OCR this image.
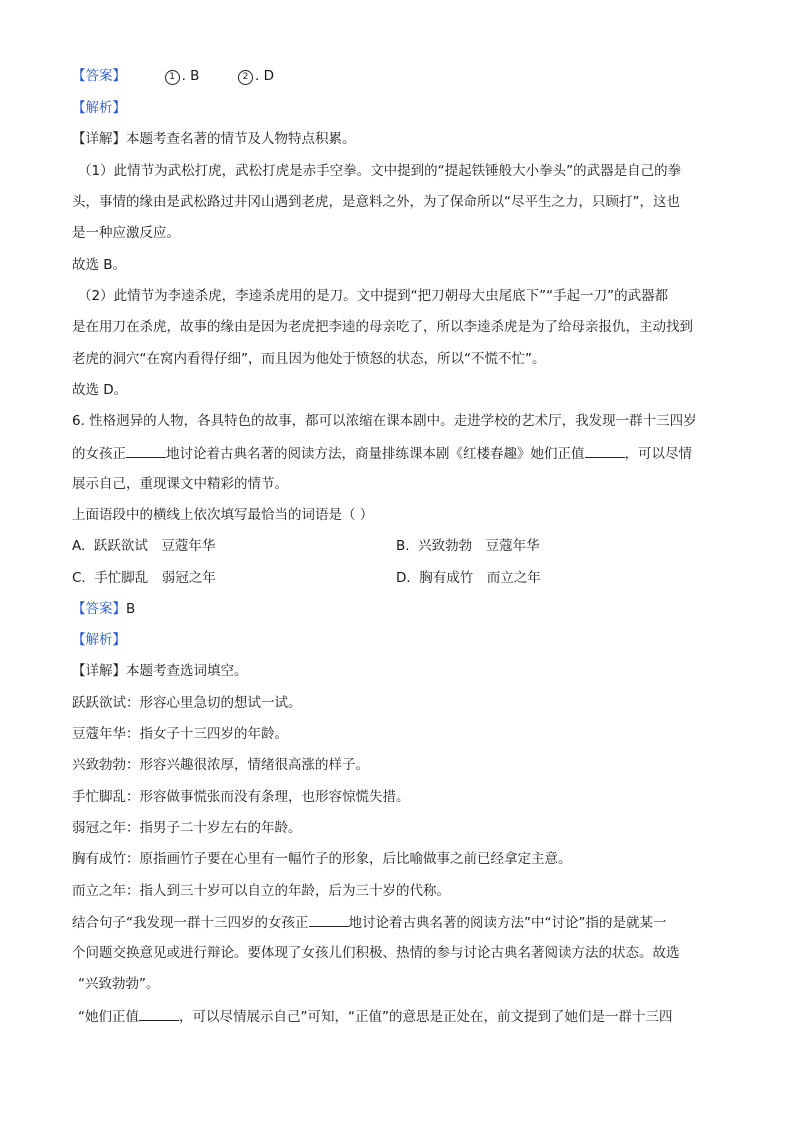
【答案】	1 . B	2 . D
【解析】
【详解】本题考查名著的情节及人物特点积累。
（1）此情节为武松打虎，武松打虎是赤手空拳。文中提到的“提起铁锤般大小拳头”的武器是自己的拳
头，事情的缘由是武松路过井冈山遇到老虎，是意料之外，为了保命所以“尽平生之力，只顾打”，这也
是一种应激反应。
故选 B。
（2）此情节为李逵杀虎，李逵杀虎用的是刀。文中提到“把刀朝母大虫尾底下”“手起一刀”的武器都
是在用刀在杀虎，故事的缘由是因为老虎把李逵的母亲吃了，所以李逵杀虎是为了给母亲报仇，主动找到
老虎的洞穴“在窝内看得仔细”，而且因为他处于愤怒的状态，所以“不慌不忙”。
故选 D。
6. 性格迥异的人物，各具特色的故事，都可以浓缩在课本剧中。走进学校的艺术厅，我发现一群十三四岁
的女孩正	地讨论着古典名著的阅读方法，商量排练课本剧《红楼春趣》她们正值	，可以尽情
展示自己，重现课文中精彩的情节。
上面语段中的横线上依次填写最恰当的词语是（ ）
A. 跃跃欲试　豆蔻年华	B. 兴致勃勃　豆蔻年华
C. 手忙脚乱　弱冠之年	D. 胸有成竹　而立之年
【答案】B
【解析】
【详解】本题考查选词填空。
跃跃欲试：形容心里急切的想试一试。
豆蔻年华：指女子十三四岁的年龄。
兴致勃勃：形容兴趣很浓厚，情绪很高涨的样子。
手忙脚乱：形容做事慌张而没有条理，也形容惊慌失措。
弱冠之年：指男子二十岁左右的年龄。
胸有成竹：原指画竹子要在心里有一幅竹子的形象，后比喻做事之前已经拿定主意。
而立之年：指人到三十岁可以自立的年龄，后为三十岁的代称。
结合句子“我发现一群十三四岁的女孩正	地讨论着古典名著的阅读方法”中“讨论”指的是就某一
个问题交换意见或进行辩论。要体现了女孩儿们积极、热情的参与讨论古典名著阅读方法的状态。故选
“兴致勃勃”。
“她们正值	，可以尽情展示自己”可知，“正值”的意思是正处在，前文提到了她们是一群十三四
